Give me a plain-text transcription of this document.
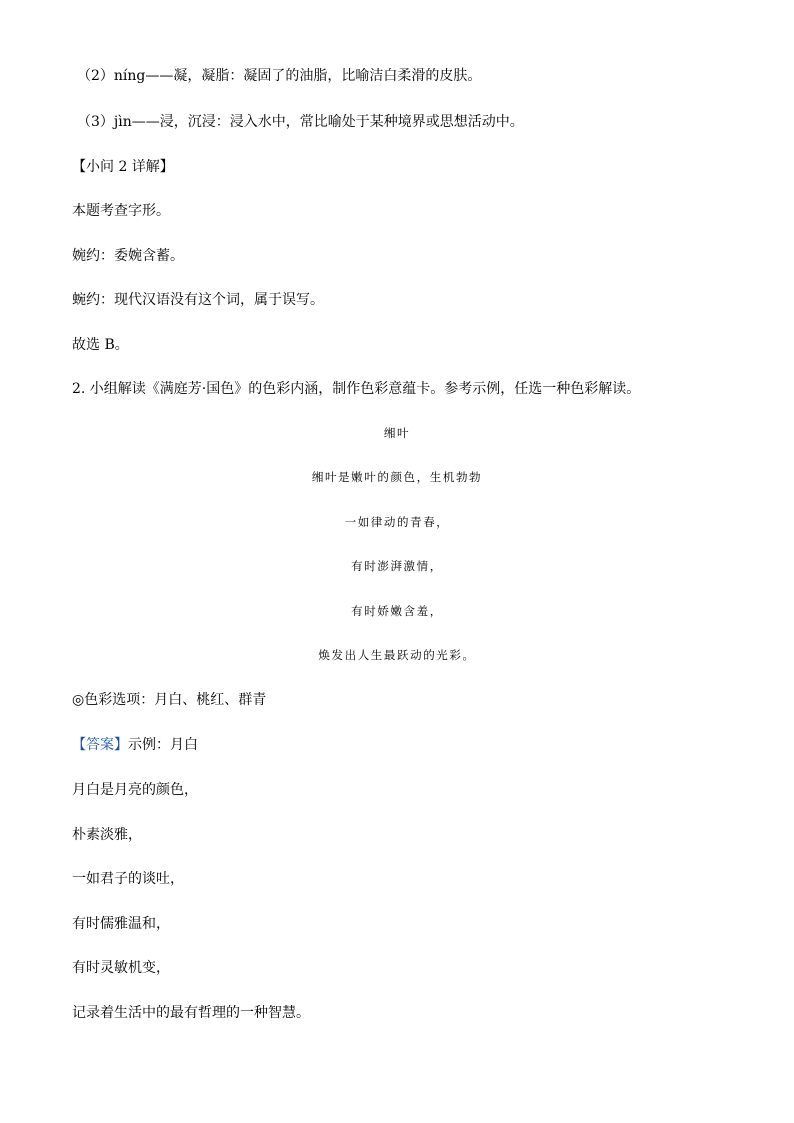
（2）níng——凝，凝脂：凝固了的油脂，比喻洁白柔滑的皮肤。
（3）jìn——浸，沉浸：浸入水中，常比喻处于某种境界或思想活动中。
【小问 2 详解】
本题考查字形。
婉约：委婉含蓄。
蜿约：现代汉语没有这个词，属于误写。
故选 B。
2. 小组解读《满庭芳·国色》的色彩内涵，制作色彩意蕴卡。参考示例，任选一种色彩解读。
缃叶
缃叶是嫩叶的颜色，生机勃勃
一如律动的青春，
有时澎湃激情，
有时娇嫩含羞，
焕发出人生最跃动的光彩。
◎色彩选项：月白、桃红、群青
【答案】示例：月白
月白是月亮的颜色，
朴素淡雅，
一如君子的谈吐，
有时儒雅温和，
有时灵敏机变，
记录着生活中的最有哲理的一种智慧。
